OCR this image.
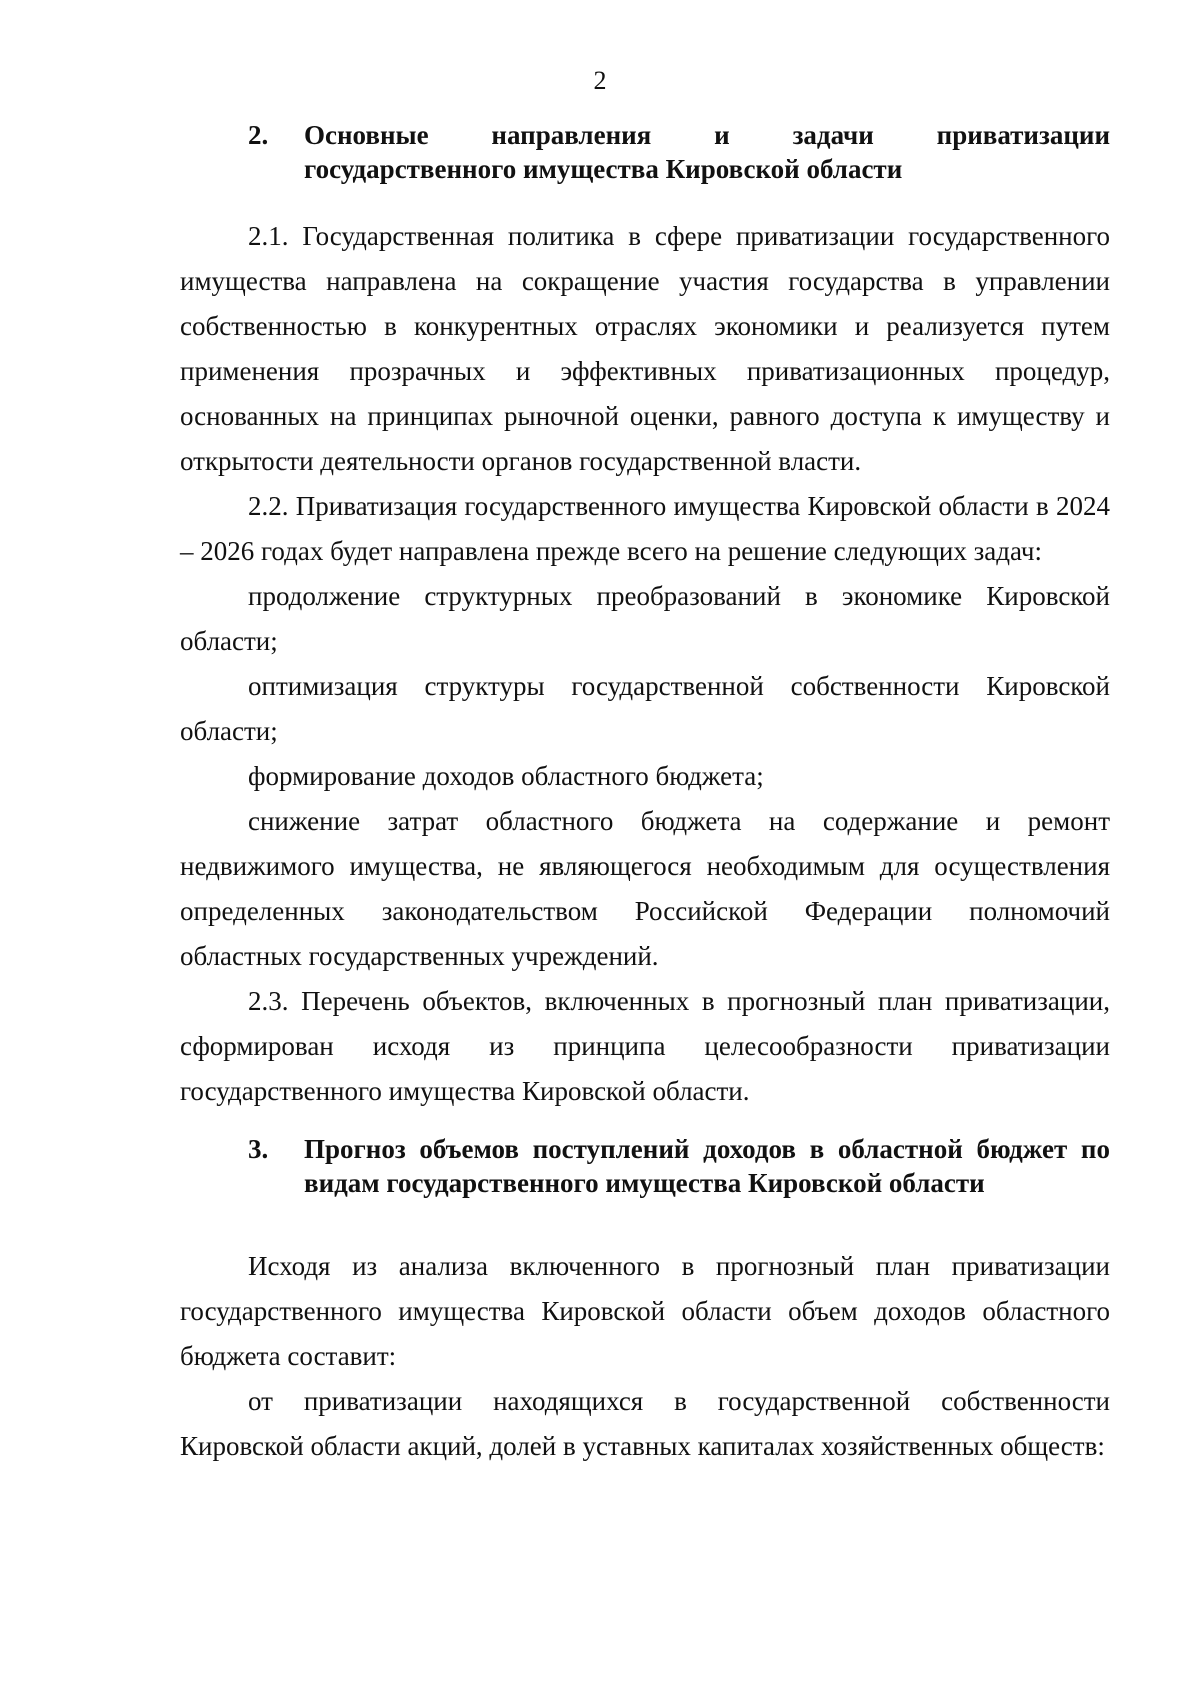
2
2.	Основные направления и задачи приватизации
государственного имущества Кировской области

2.1. Государственная политика в сфере приватизации государственного имущества направлена на сокращение участия государства в управлении собственностью в конкурентных отраслях экономики и реализуется путем применения прозрачных и эффективных приватизационных процедур, основанных на принципах рыночной оценки, равного доступа к имуществу и открытости деятельности органов государственной власти.

2.2. Приватизация государственного имущества Кировской области в 2024 – 2026 годах будет направлена прежде всего на решение следующих задач:

продолжение структурных преобразований в экономике Кировской области;

оптимизация структуры государственной собственности Кировской области;

формирование доходов областного бюджета;

снижение затрат областного бюджета на содержание и ремонт недвижимого имущества, не являющегося необходимым для осуществления определенных законодательством Российской Федерации полномочий областных государственных учреждений.

2.3. Перечень объектов, включенных в прогнозный план приватизации, сформирован исходя из принципа целесообразности приватизации государственного имущества Кировской области.

3.	Прогноз объемов поступлений доходов в областной бюджет по
видам государственного имущества Кировской области

Исходя из анализа включенного в прогнозный план приватизации государственного имущества Кировской области объем доходов областного бюджета составит:

от приватизации находящихся в государственной собственности Кировской области акций, долей в уставных капиталах хозяйственных обществ:
